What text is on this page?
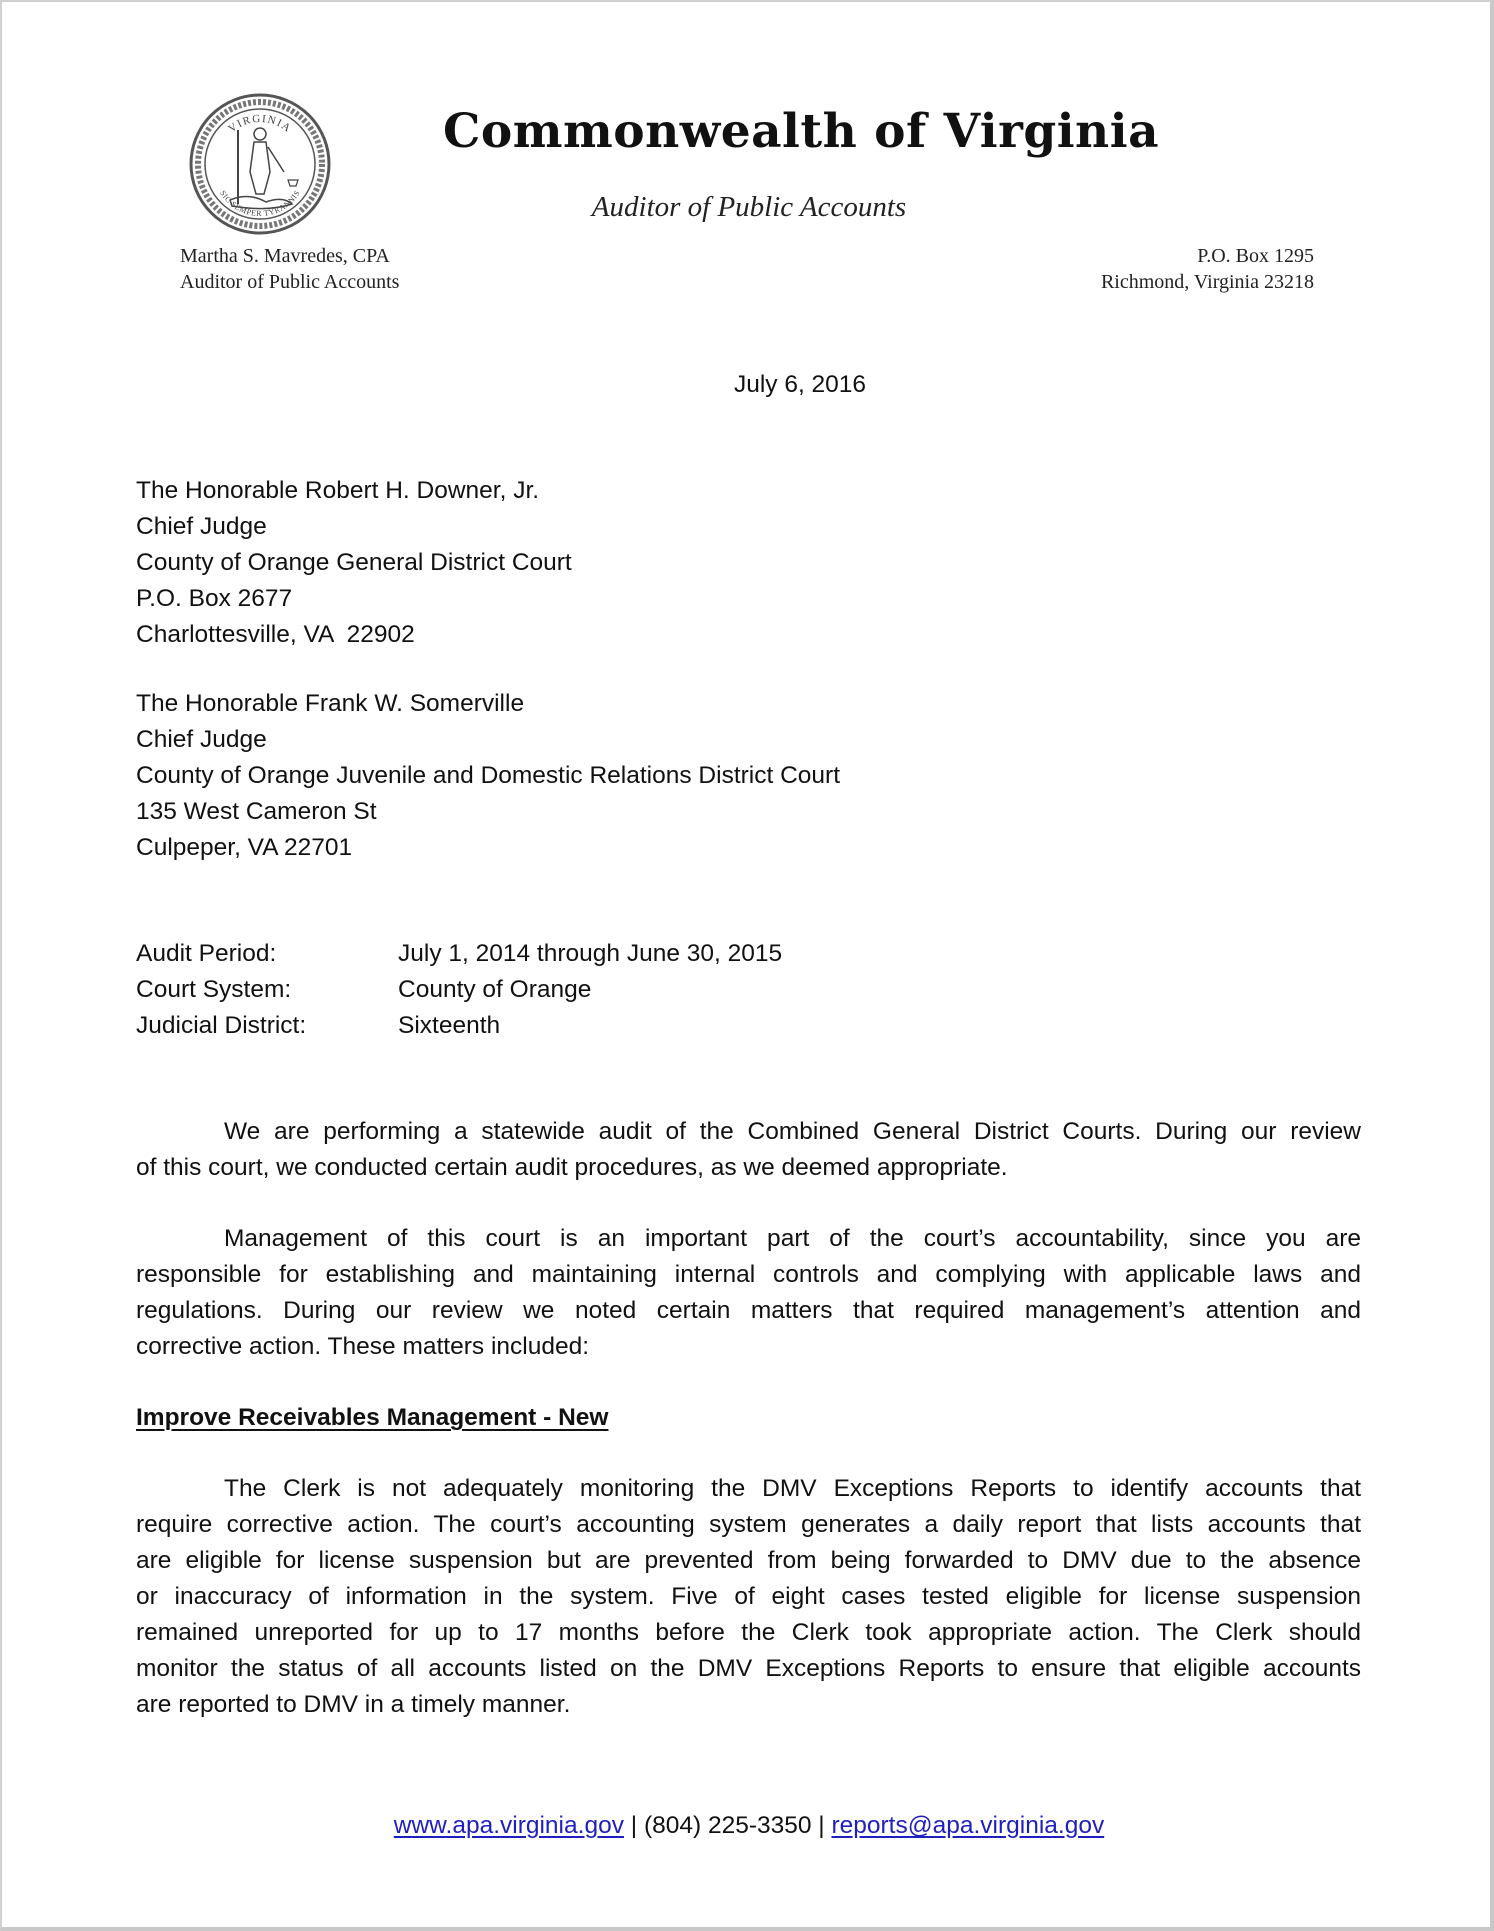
VIRGINIA
SIC SEMPER TYRANNIS
Commonwealth of Virginia
Auditor of Public Accounts
Martha S. Mavredes, CPA
Auditor of Public Accounts
P.O. Box 1295
Richmond, Virginia 23218
July 6, 2016
The Honorable Robert H. Downer, Jr.
Chief Judge
County of Orange General District Court
P.O. Box 2677
Charlottesville, VA  22902
The Honorable Frank W. Somerville
Chief Judge
County of Orange Juvenile and Domestic Relations District Court
135 West Cameron St
Culpeper, VA 22701
Audit Period:	July 1, 2014 through June 30, 2015
Court System:	County of Orange
Judicial District:	Sixteenth
We are performing a statewide audit of the Combined General District Courts. During our review
of this court, we conducted certain audit procedures, as we deemed appropriate.
Management of this court is an important part of the court’s accountability, since you are
responsible for establishing and maintaining internal controls and complying with applicable laws and
regulations. During our review we noted certain matters that required management’s attention and
corrective action. These matters included:
Improve Receivables Management - New
The Clerk is not adequately monitoring the DMV Exceptions Reports to identify accounts that
require corrective action. The court’s accounting system generates a daily report that lists accounts that
are eligible for license suspension but are prevented from being forwarded to DMV due to the absence
or inaccuracy of information in the system. Five of eight cases tested eligible for license suspension
remained unreported for up to 17 months before the Clerk took appropriate action. The Clerk should
monitor the status of all accounts listed on the DMV Exceptions Reports to ensure that eligible accounts
are reported to DMV in a timely manner.
www.apa.virginia.gov | (804) 225-3350 | reports@apa.virginia.gov
